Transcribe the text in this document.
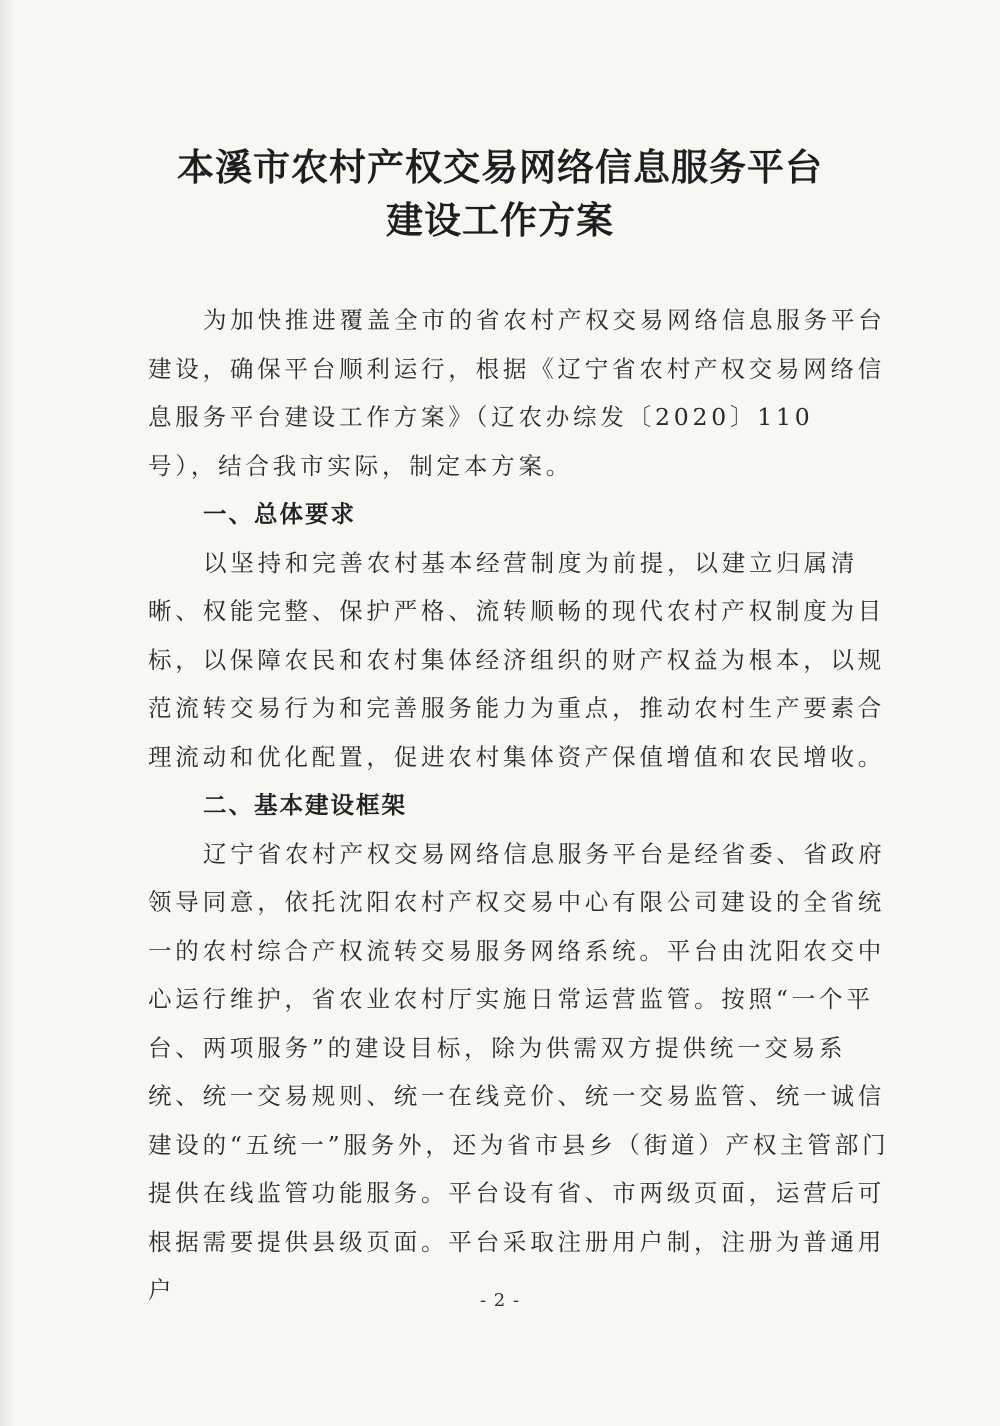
本溪市农村产权交易网络信息服务平台
建设工作方案

为加快推进覆盖全市的省农村产权交易网络信息服务平台建设，确保平台顺利运行，根据《辽宁省农村产权交易网络信息服务平台建设工作方案》（辽农办综发〔2020〕110 号），结合我市实际，制定本方案。

一、总体要求

以坚持和完善农村基本经营制度为前提，以建立归属清晰、权能完整、保护严格、流转顺畅的现代农村产权制度为目标，以保障农民和农村集体经济组织的财产权益为根本，以规范流转交易行为和完善服务能力为重点，推动农村生产要素合理流动和优化配置，促进农村集体资产保值增值和农民增收。

二、基本建设框架

辽宁省农村产权交易网络信息服务平台是经省委、省政府领导同意，依托沈阳农村产权交易中心有限公司建设的全省统一的农村综合产权流转交易服务网络系统。平台由沈阳农交中心运行维护，省农业农村厅实施日常运营监管。按照“一个平台、两项服务”的建设目标，除为供需双方提供统一交易系统、统一交易规则、统一在线竞价、统一交易监管、统一诚信建设的“五统一”服务外，还为省市县乡（街道）产权主管部门提供在线监管功能服务。平台设有省、市两级页面，运营后可根据需要提供县级页面。平台采取注册用户制，注册为普通用户	- 2 -
